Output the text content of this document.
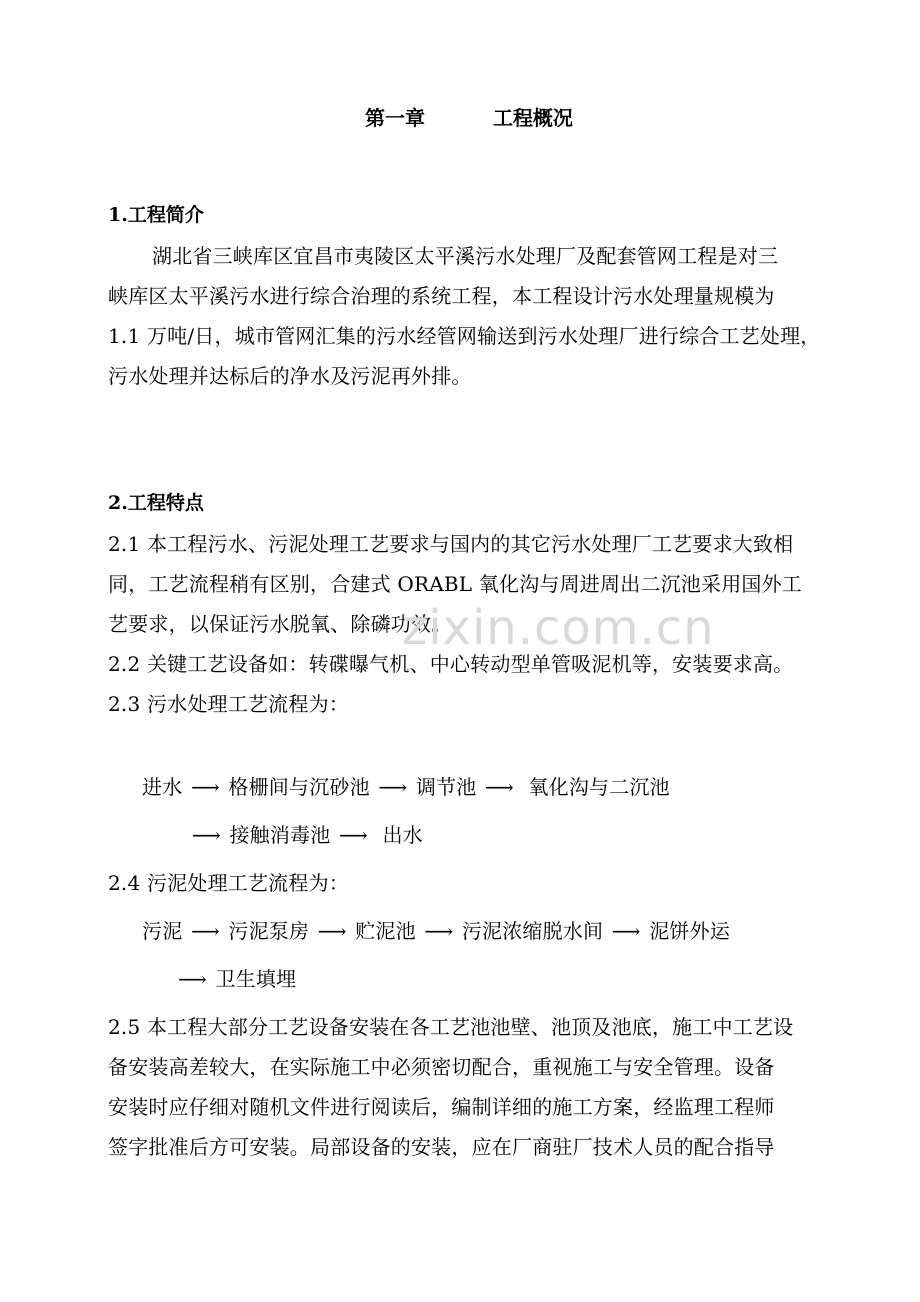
第一章	工程概况
1.工程简介
湖北省三峡库区宜昌市夷陵区太平溪污水处理厂及配套管网工程是对三
峡库区太平溪污水进行综合治理的系统工程，本工程设计污水处理量规模为
1.1 万吨/日，城市管网汇集的污水经管网输送到污水处理厂进行综合工艺处理，
污水处理并达标后的净水及污泥再外排。
2.工程特点
2.1 本工程污水、污泥处理工艺要求与国内的其它污水处理厂工艺要求大致相
同，工艺流程稍有区别，合建式 ORABL 氧化沟与周进周出二沉池采用国外工
艺要求，以保证污水脱氧、除磷功效。
2.2 关键工艺设备如：转碟曝气机、中心转动型单管吸泥机等，安装要求高。
2.3 污水处理工艺流程为：
进水 ⟶ 格栅间与沉砂池 ⟶ 调节池 ⟶ 氧化沟与二沉池
⟶ 接触消毒池 ⟶ 出水
2.4 污泥处理工艺流程为：
污泥 ⟶ 污泥泵房 ⟶ 贮泥池 ⟶ 污泥浓缩脱水间 ⟶ 泥饼外运
⟶ 卫生填埋
2.5 本工程大部分工艺设备安装在各工艺池池壁、池顶及池底，施工中工艺设
备安装高差较大，在实际施工中必须密切配合，重视施工与安全管理。设备
安装时应仔细对随机文件进行阅读后，编制详细的施工方案，经监理工程师
签字批准后方可安装。局部设备的安装，应在厂商驻厂技术人员的配合指导
zixin.com.cn
